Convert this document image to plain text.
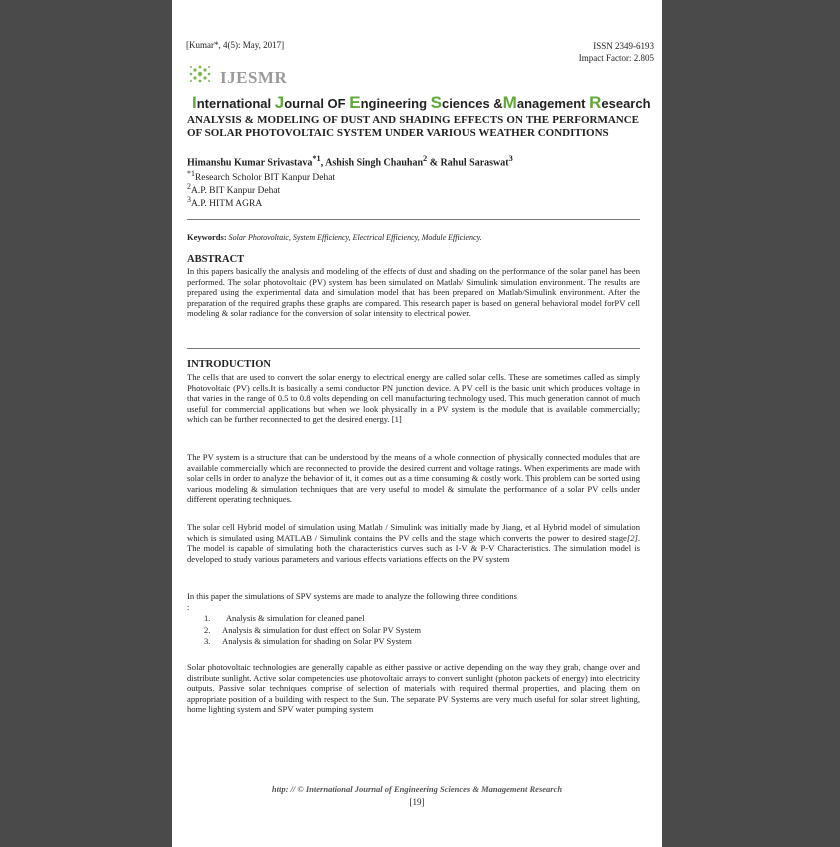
[Kumar*, 4(5): May, 2017]	ISSN 2349-6193
Impact Factor: 2.805
IJESMR
International Journal OF Engineering Sciences &Management Research
ANALYSIS & MODELING OF DUST AND SHADING EFFECTS ON THE PERFORMANCE OF SOLAR PHOTOVOLTAIC SYSTEM UNDER VARIOUS WEATHER CONDITIONS
Himanshu Kumar Srivastava$^{*1}$, Ashish Singh Chauhan$^2$ & Rahul Saraswat$^3$
$^{*1}$Research Scholor BIT Kanpur Dehat
$^2$A.P. BIT Kanpur Dehat
$^3$A.P. HITM AGRA
Keywords: Solar Photovoltaic, System Efficiency, Electrical Efficiency, Module Efficiency.
ABSTRACT
In this papers basically the analysis and modeling of the effects of dust and shading on the performance of the solar panel has been performed. The solar photovoltaic (PV) system has been simulated on Matlab/ Simulink simulation environment. The results are prepared using the experimental data and simulation model that has been prepared on Matlab/Simulink environment. After the preparation of the required graphs these graphs are compared. This research paper is based on general behavioral model forPV cell modeling & solar radiance for the conversion of solar intensity to electrical power.
INTRODUCTION
The cells that are used to convert the solar energy to electrical energy are called solar cells. These are sometimes called as simply Photovoltaic (PV) cells.It is basically a semi conductor PN junction device. A PV cell is the basic unit which produces voltage in that varies in the range of 0.5 to 0.8 volts depending on cell manufacturing technology used. This much generation cannot of much useful for commercial applications but when we look physically in a PV system is the module that is available commercially; which can be further reconnected to get the desired energy. [1]
The PV system is a structure that can be understood by the means of a whole connection of physically connected modules that are available commercially which are reconnected to provide the desired current and voltage ratings. When experiments are made with solar cells in order to analyze the behavior of it, it comes out as a time consuming & costly work. This problem can be sorted using various modeling & simulation techniques that are very useful to model & simulate the performance of a solar PV cells under different operating techniques.
The solar cell Hybrid model of simulation using Matlab / Simulink was initially made by Jiang, et al Hybrid model of simulation which is simulated using MATLAB / Simulink contains the PV cells and the stage which converts the power to desired stage[2]. The model is capable of simulating both the characteristics curves such as I-V & P-V Characteristics. The simulation model is developed to study various parameters and various effects variations effects on the PV system
In this paper the simulations of SPV systems are made to analyze the following three conditions
:
1.  Analysis & simulation for cleaned panel
2. Analysis & simulation for dust effect on Solar PV System
3. Analysis & simulation for shading on Solar PV System
Solar photovoltaic technologies are generally capable as either passive or active depending on the way they grab, change over and distribute sunlight. Active solar competencies use photovoltaic arrays to convert sunlight (photon packets of energy) into electricity outputs. Passive solar techniques comprise of selection of materials with required thermal properties, and placing them on appropriate position of a building with respect to the Sun. The separate PV Systems are very much useful for solar street lighting, home lighting system and SPV water pumping system
http: // © International Journal of Engineering Sciences & Management Research
[19]
